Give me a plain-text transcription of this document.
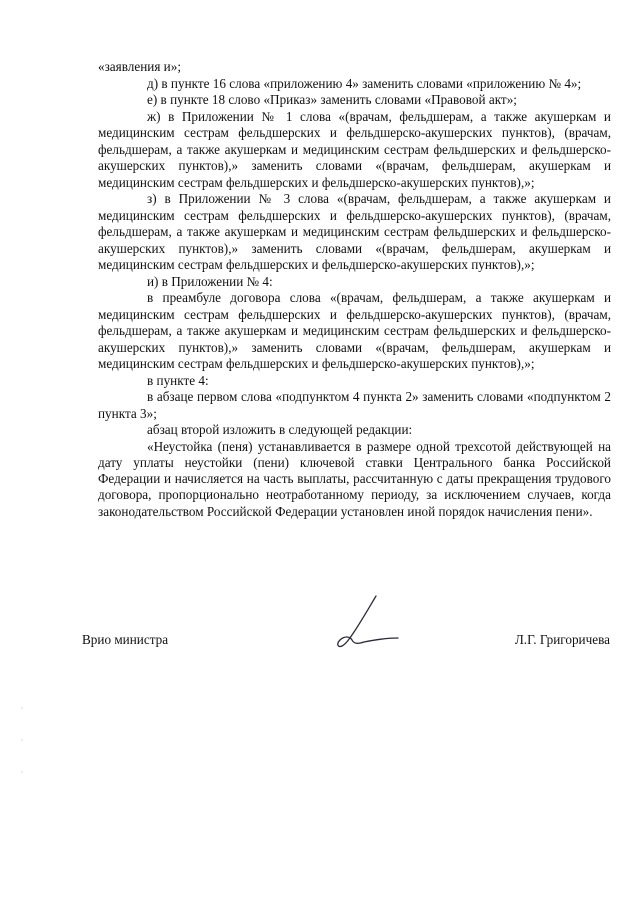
«заявления и»;

д) в пункте 16 слова «приложению 4» заменить словами «приложению № 4»;

е) в пункте 18 слово «Приказ» заменить словами «Правовой акт»;

ж) в Приложении № 1 слова «(врачам, фельдшерам, а также акушеркам и медицинским сестрам фельдшерских и фельдшерско-акушерских пунктов), (врачам, фельдшерам, а также акушеркам и медицинским сестрам фельдшерских и фельдшерско-акушерских пунктов),» заменить словами «(врачам, фельдшерам, акушеркам и медицинским сестрам фельдшерских и фельдшерско-акушерских пунктов),»;

з) в Приложении № 3 слова «(врачам, фельдшерам, а также акушеркам и медицинским сестрам фельдшерских и фельдшерско-акушерских пунктов), (врачам, фельдшерам, а также акушеркам и медицинским сестрам фельдшерских и фельдшерско-акушерских пунктов),» заменить словами «(врачам, фельдшерам, акушеркам и медицинским сестрам фельдшерских и фельдшерско-акушерских пунктов),»;

и) в Приложении № 4:

в преамбуле договора слова «(врачам, фельдшерам, а также акушеркам и медицинским сестрам фельдшерских и фельдшерско-акушерских пунктов), (врачам, фельдшерам, а также акушеркам и медицинским сестрам фельдшерских и фельдшерско-акушерских пунктов),» заменить словами «(врачам, фельдшерам, акушеркам и медицинским сестрам фельдшерских и фельдшерско-акушерских пунктов),»;

в пункте 4:

в абзаце первом слова «подпунктом 4 пункта 2» заменить словами «подпунктом 2 пункта 3»;

абзац второй изложить в следующей редакции:

«Неустойка (пеня) устанавливается в размере одной трехсотой действующей на дату уплаты неустойки (пени) ключевой ставки Центрального банка Российской Федерации и начисляется на часть выплаты, рассчитанную с даты прекращения трудового договора, пропорционально неотработанному периоду, за исключением случаев, когда законодательством Российской Федерации установлен иной порядок начисления пени».

Врио министра	Л.Г. Григоричева
